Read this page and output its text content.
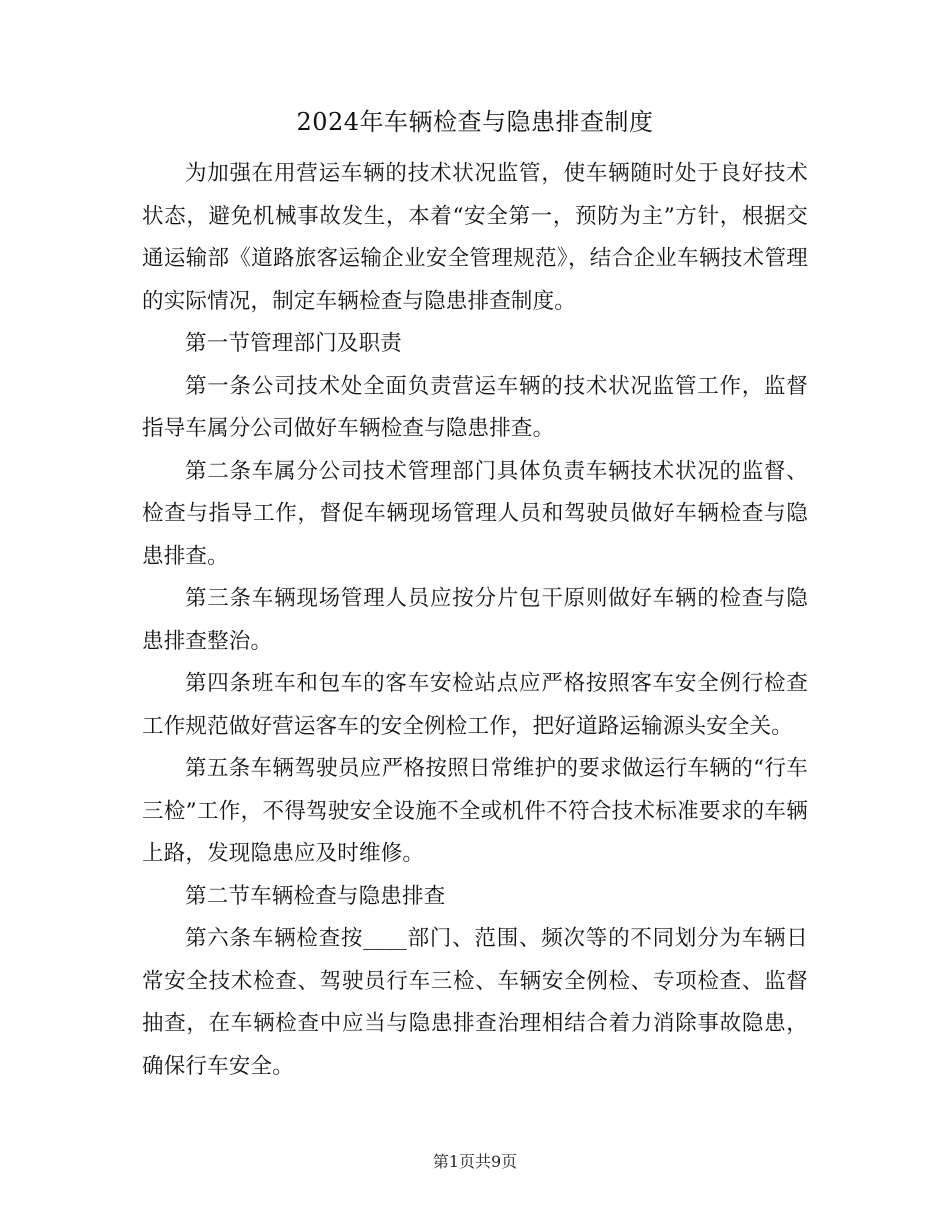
2024年车辆检查与隐患排查制度

为加强在用营运车辆的技术状况监管，使车辆随时处于良好技术状态，避免机械事故发生，本着“安全第一，预防为主”方针，根据交通运输部《道路旅客运输企业安全管理规范》，结合企业车辆技术管理的实际情况，制定车辆检查与隐患排查制度。

第一节管理部门及职责

第一条公司技术处全面负责营运车辆的技术状况监管工作，监督指导车属分公司做好车辆检查与隐患排查。

第二条车属分公司技术管理部门具体负责车辆技术状况的监督、检查与指导工作，督促车辆现场管理人员和驾驶员做好车辆检查与隐患排查。

第三条车辆现场管理人员应按分片包干原则做好车辆的检查与隐患排查整治。

第四条班车和包车的客车安检站点应严格按照客车安全例行检查工作规范做好营运客车的安全例检工作，把好道路运输源头安全关。

第五条车辆驾驶员应严格按照日常维护的要求做运行车辆的“行车三检”工作，不得驾驶安全设施不全或机件不符合技术标准要求的车辆上路，发现隐患应及时维修。

第二节车辆检查与隐患排查

第六条车辆检查按____部门、范围、频次等的不同划分为车辆日常安全技术检查、驾驶员行车三检、车辆安全例检、专项检查、监督抽查，在车辆检查中应当与隐患排查治理相结合着力消除事故隐患，确保行车安全。

第1页共9页
